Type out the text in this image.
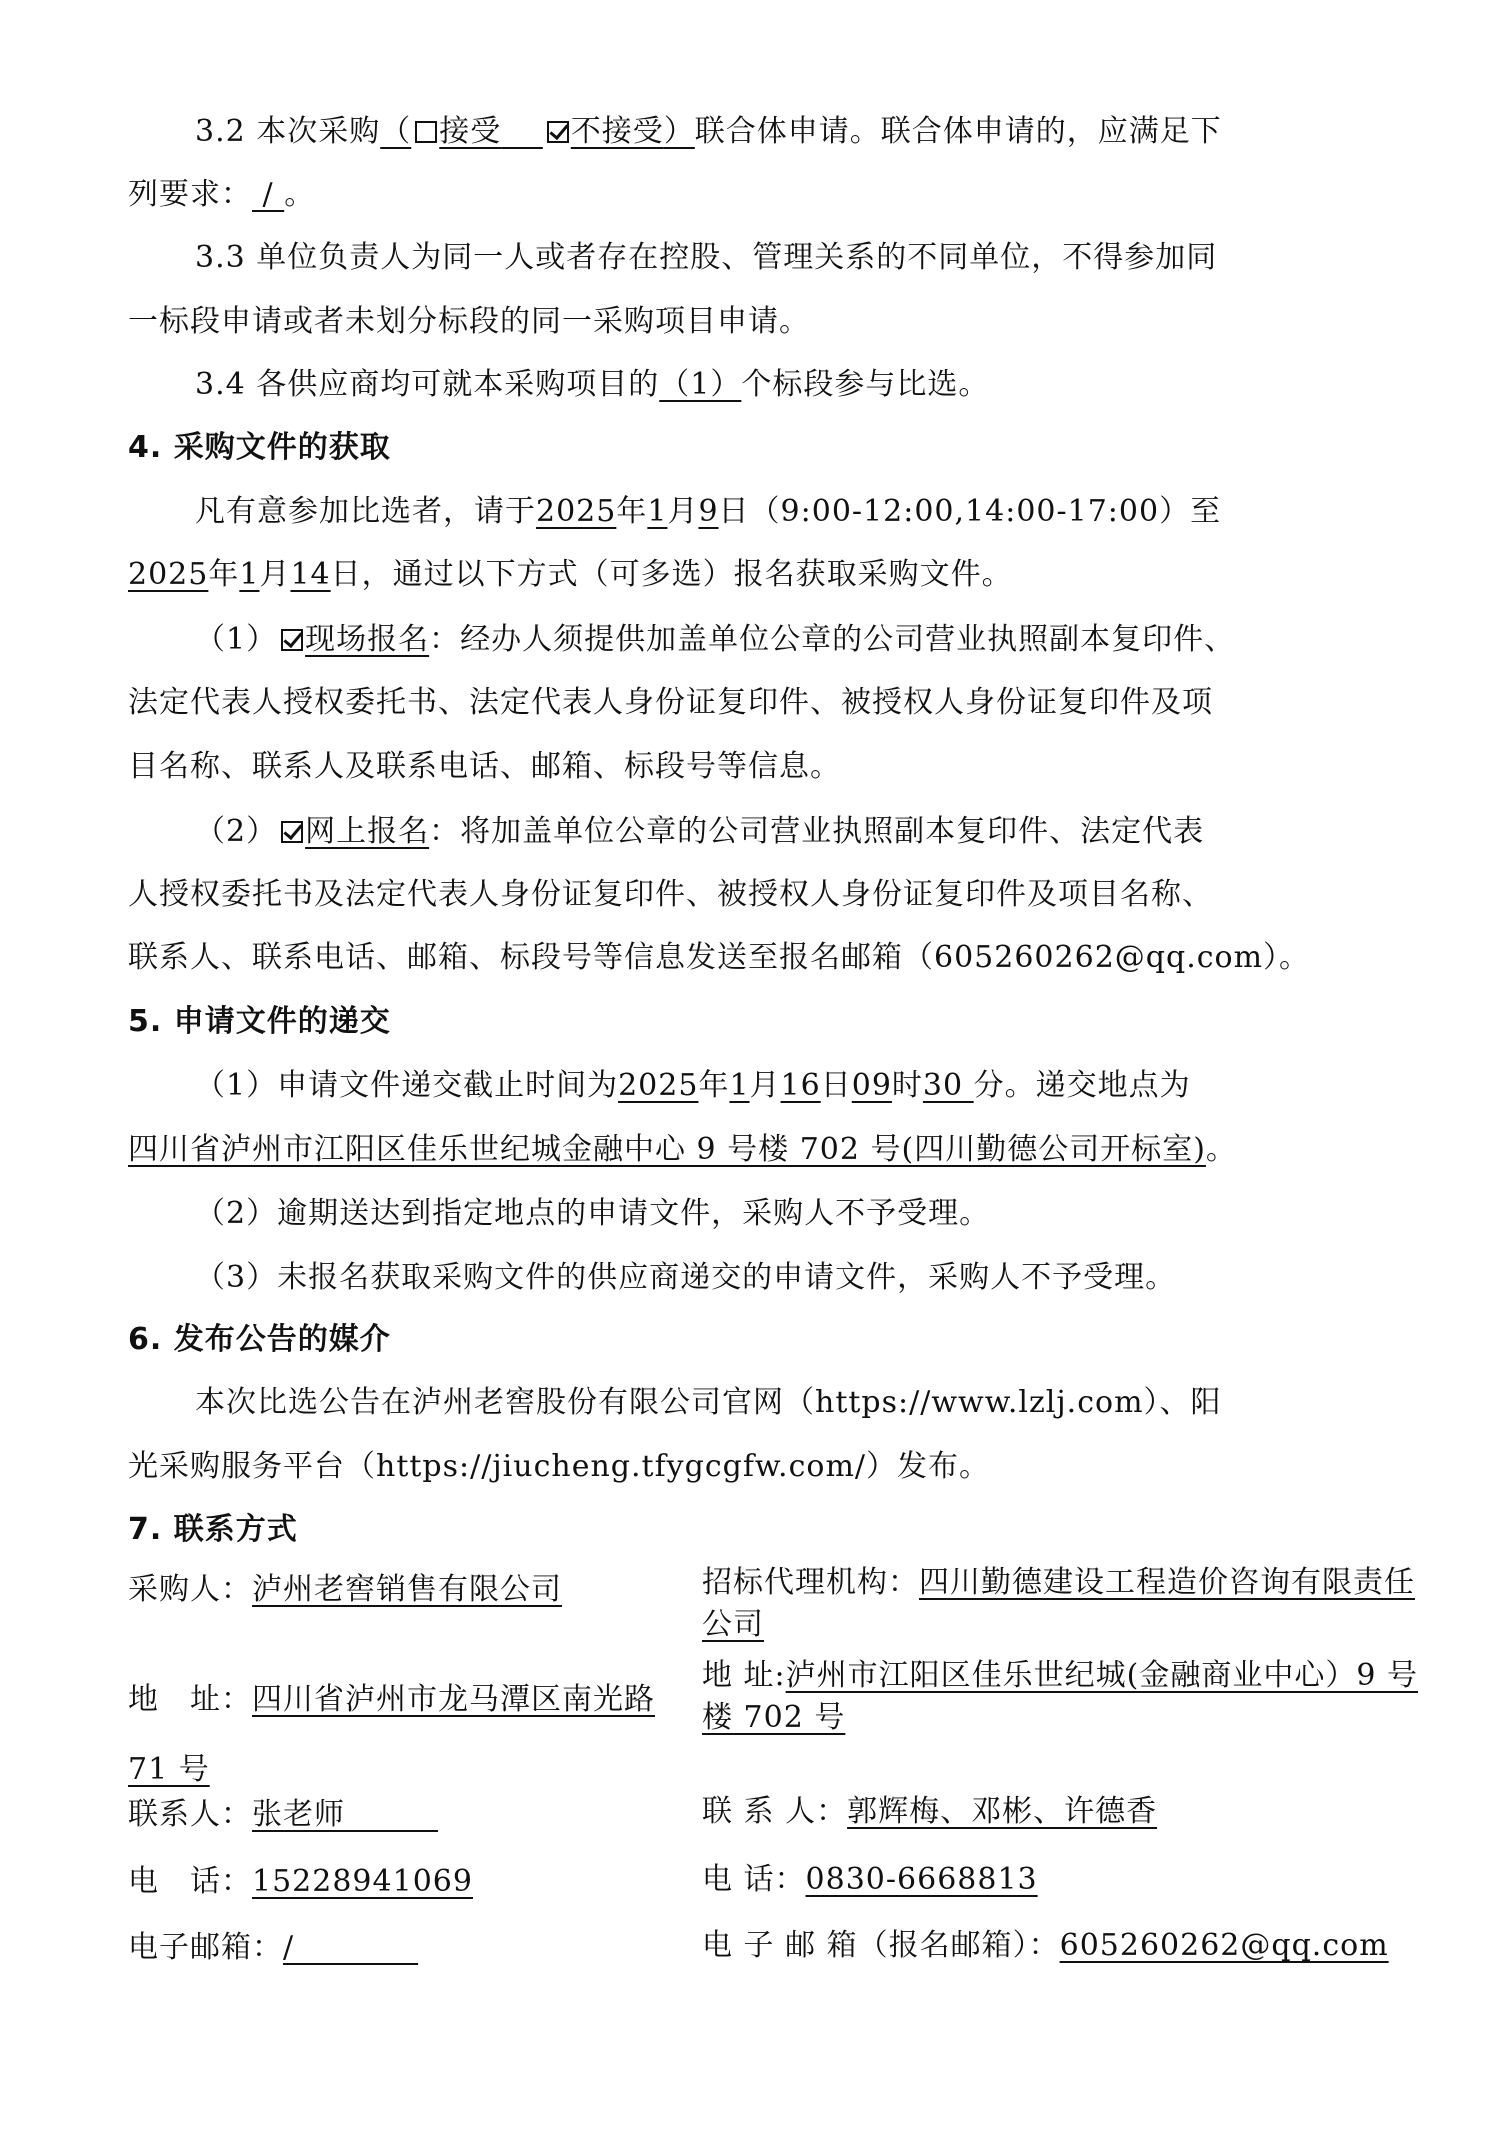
3.2 本次采购（ 接受　 不接受）联合体申请。联合体申请的，应满足下
列要求： / 。
3.3 单位负责人为同一人或者存在控股、管理关系的不同单位，不得参加同
一标段申请或者未划分标段的同一采购项目申请。
3.4 各供应商均可就本采购项目的（1）个标段参与比选。
4. 采购文件的获取
凡有意参加比选者，请于2025年1月9日（9:00-12:00,14:00-17:00）至
2025年1月14日，通过以下方式（可多选）报名获取采购文件。
（1） 现场报名：经办人须提供加盖单位公章的公司营业执照副本复印件、
法定代表人授权委托书、法定代表人身份证复印件、被授权人身份证复印件及项
目名称、联系人及联系电话、邮箱、标段号等信息。
（2） 网上报名：将加盖单位公章的公司营业执照副本复印件、法定代表
人授权委托书及法定代表人身份证复印件、被授权人身份证复印件及项目名称、
联系人、联系电话、邮箱、标段号等信息发送至报名邮箱（605260262@qq.com）。
5. 申请文件的递交
（1）申请文件递交截止时间为2025年1月16日09时30 分。递交地点为
四川省泸州市江阳区佳乐世纪城金融中心 9 号楼 702 号(四川勤德公司开标室)。
（2）逾期送达到指定地点的申请文件，采购人不予受理。
（3）未报名获取采购文件的供应商递交的申请文件，采购人不予受理。
6. 发布公告的媒介
本次比选公告在泸州老窖股份有限公司官网（https://www.lzlj.com）、阳
光采购服务平台（https://jiucheng.tfygcgfw.com/）发布。
7. 联系方式
采购人：泸州老窖销售有限公司
地　址：四川省泸州市龙马潭区南光路 71 号
联系人：张老师　　　
电　话：15228941069
电子邮箱：/　　　　
招标代理机构：四川勤德建设工程造价咨询有限责任公司
地 址:泸州市江阳区佳乐世纪城(金融商业中心）9 号楼 702 号
联 系 人：郭辉梅、邓彬、许德香
电 话：0830-6668813
电 子 邮 箱（报名邮箱）：605260262@qq.com
